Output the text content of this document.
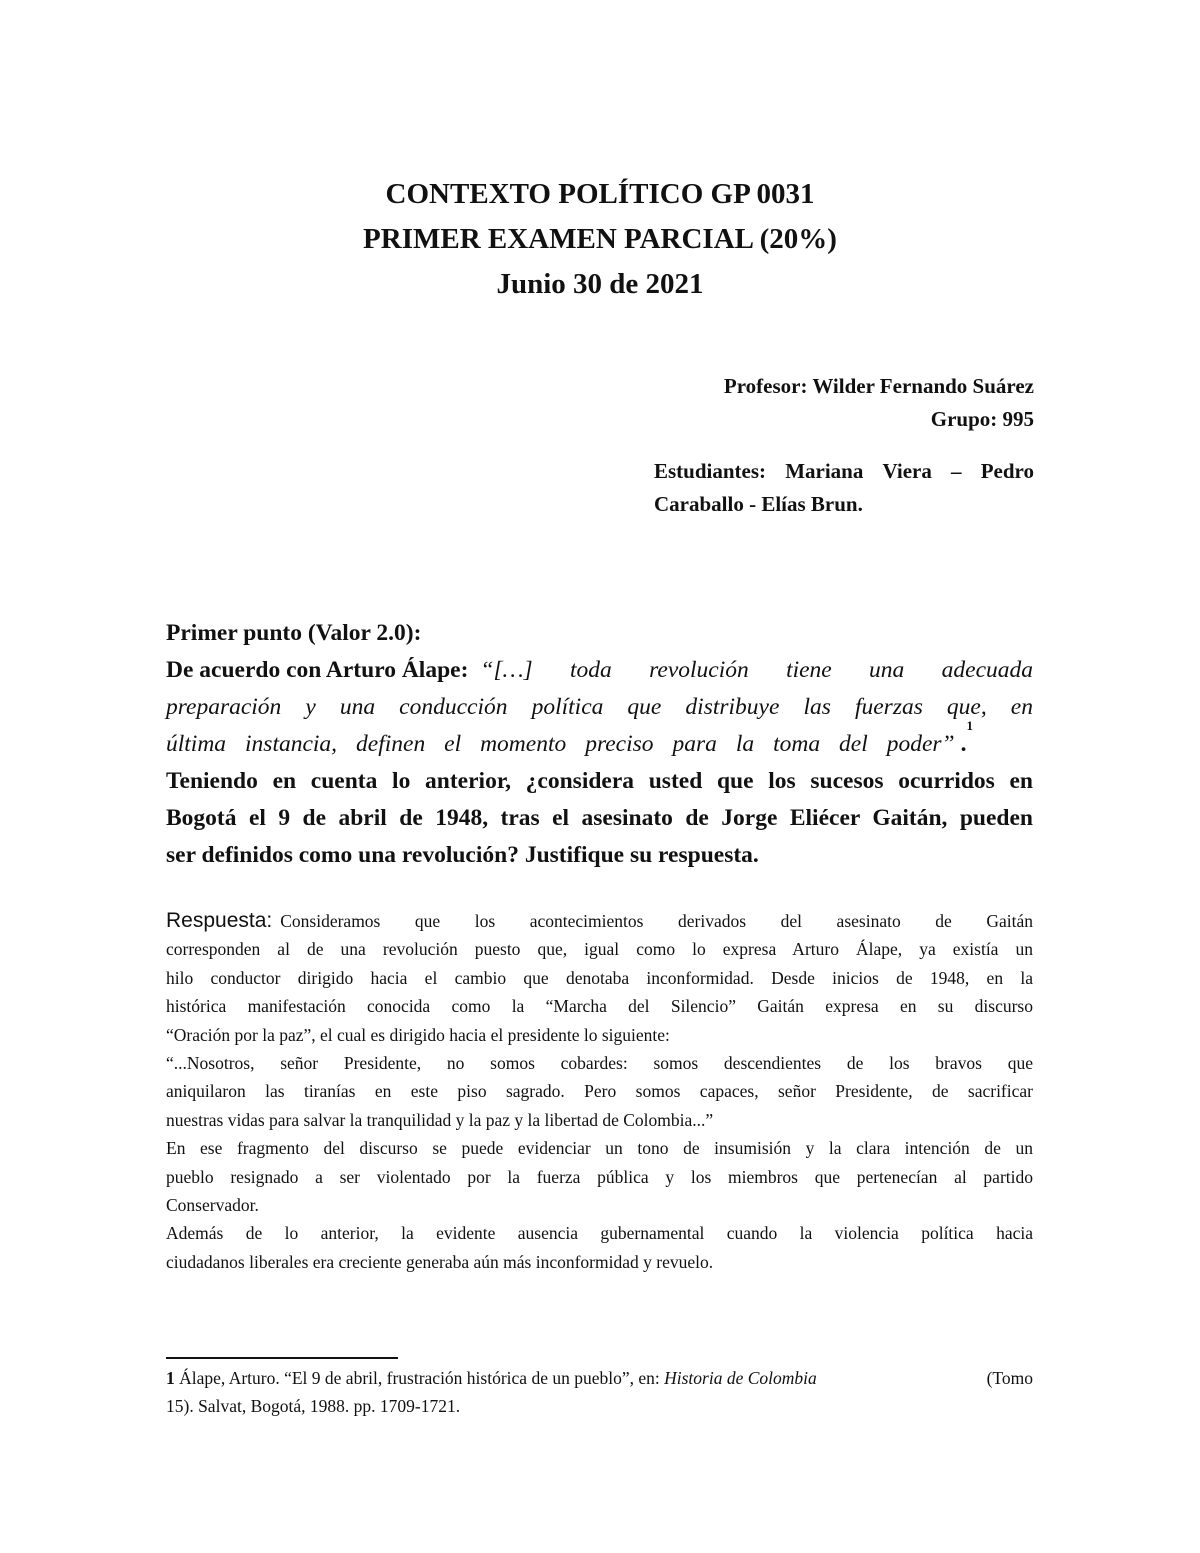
CONTEXTO POLÍTICO GP 0031
PRIMER EXAMEN PARCIAL (20%)
Junio 30 de 2021
Profesor: Wilder Fernando Suárez
Grupo: 995
Estudiantes: Mariana Viera – Pedro
Caraballo - Elías Brun.
Primer punto (Valor 2.0):
De acuerdo con Arturo Álape: “[…] toda revolución tiene una adecuada
preparación y una conducción política que distribuye las fuerzas que, en
última instancia, definen el momento preciso para la toma del poder” .
1
Teniendo en cuenta lo anterior, ¿considera usted que los sucesos ocurridos en
Bogotá el 9 de abril de 1948, tras el asesinato de Jorge Eliécer Gaitán, pueden
ser definidos como una revolución? Justifique su respuesta.
Respuesta: Consideramos que los acontecimientos derivados del asesinato de Gaitán
corresponden al de una revolución puesto que, igual como lo expresa Arturo Álape, ya existía un
hilo conductor dirigido hacia el cambio que denotaba inconformidad. Desde inicios de 1948, en la
histórica manifestación conocida como la “Marcha del Silencio” Gaitán expresa en su discurso
“Oración por la paz”, el cual es dirigido hacia el presidente lo siguiente:
“...Nosotros, señor Presidente, no somos cobardes: somos descendientes de los bravos que
aniquilaron las tiranías en este piso sagrado. Pero somos capaces, señor Presidente, de sacrificar
nuestras vidas para salvar la tranquilidad y la paz y la libertad de Colombia...”
En ese fragmento del discurso se puede evidenciar un tono de insumisión y la clara intención de un
pueblo resignado a ser violentado por la fuerza pública y los miembros que pertenecían al partido
Conservador.
Además de lo anterior, la evidente ausencia gubernamental cuando la violencia política hacia
ciudadanos liberales era creciente generaba aún más inconformidad y revuelo.
1 Álape, Arturo. “El 9 de abril, frustración histórica de un pueblo”, en: Historia de Colombia	(Tomo
15). Salvat, Bogotá, 1988. pp. 1709-1721.
